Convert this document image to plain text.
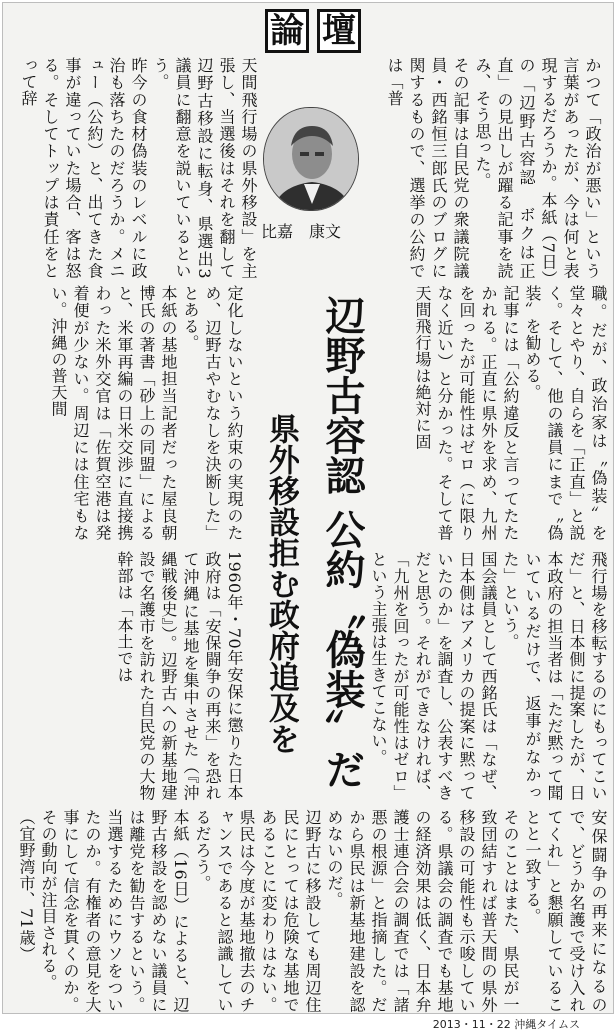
論 壇
かつて「政治が悪い」という言葉があったが、今は何と表現するだろうか。本紙（7日）の「辺野古容認　ボクは正直」の見出しが躍る記事を読み、そう思った。
その記事は自民党の衆議院議員・西銘恒三郎氏のブログに関するもので、選挙の公約では「普
比嘉　康文
天間飛行場の県外移設」を主張し、当選後はそれを翻して辺野古移設に転身、県選出3議員に翻意を説いているという。
昨今の食材偽装のレベルに政治も落ちたのだろうか。メニュー（公約）と、出てきた食事が違っていた場合、客は怒る。そしてトップは責任をとって辞
職。だが、政治家は〝偽装〟を堂々とやり、自らを「正直」と説く。そして、他の議員にまで〝偽装〟を勧める。
記事には「公約違反と言ってたたかれる。正直に県外を求め、九州を回ったが可能性はゼロ（に限りなく近い）と分かった。そして普天間飛行場は絶対に固
辺野古容認 公約〝偽装〟だ
県外移設拒む政府追及を
定化しないという約束の実現のため、辺野古やむなしを決断した」とある。
本紙の基地担当記者だった屋良朝博氏の著書「砂上の同盟」によると、米軍再編の日米交渉に直接携わった米外交官は「佐賀空港は発着便が少ない。周辺には住宅もない。沖縄の普天間
飛行場を移転するのにもってこいだ」と、日本側に提案したが、日本政府の担当者は「ただ黙って聞いているだけで、返事がなかった」という。
国会議員として西銘氏は「なぜ、日本側はアメリカの提案に黙っていたのか」を調査し、公表すべきだと思う。それができなければ、「九州を回ったが可能性はゼロ」という主張は生きてこない。
1960年・70年安保に懲りた日本政府は「安保闘争の再来」を恐れて沖縄に基地を集中させた（『沖縄戦後史』）。辺野古への新基地建設で名護市を訪れた自民党の大物幹部は「本土では
安保闘争の再来になるので、どうか名護で受け入れてくれ」と懇願していることと一致する。
そのことはまた、県民が一致団結すれば普天間の県外移設の可能性も示唆している。県議会の調査でも基地の経済効果は低く、日本弁護士連合会の調査では「諸悪の根源」と指摘した。だから県民は新基地建設を認めないのだ。
辺野古に移設しても周辺住民にとっては危険な基地であることに変わりはない。県民は今度が基地撤去のチャンスであると認識しているだろう。
本紙（16日）によると、辺野古移設を認めない議員には離党を勧告するという。当選するためにウソをついたのか。有権者の意見を大事にして信念を貫くのか。その動向が注目される。
（宜野湾市、71歳）
2013・11・22 沖縄タイムス
